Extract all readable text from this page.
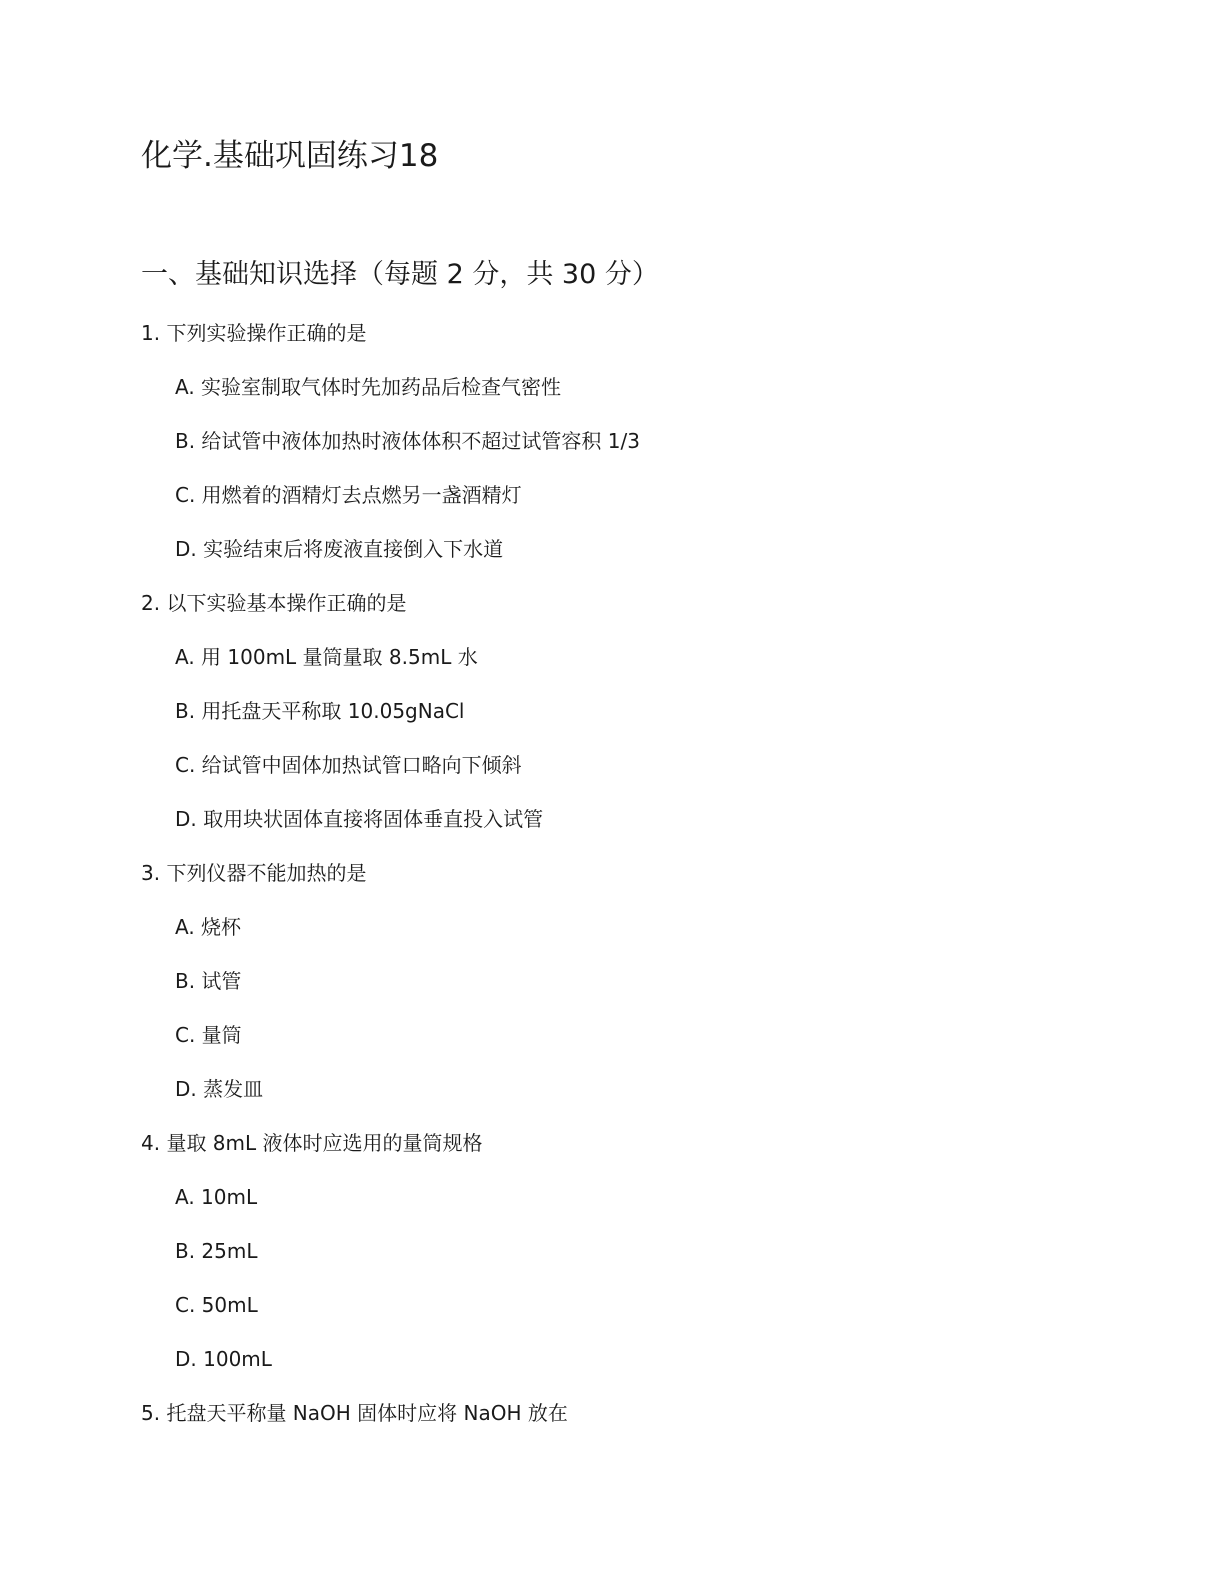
化学.基础巩固练习18
一、基础知识选择（每题 2 分，共 30 分）
1. 下列实验操作正确的是
A. 实验室制取气体时先加药品后检查气密性
B. 给试管中液体加热时液体体积不超过试管容积 1/3
C. 用燃着的酒精灯去点燃另一盏酒精灯
D. 实验结束后将废液直接倒入下水道
2. 以下实验基本操作正确的是
A. 用 100mL 量筒量取 8.5mL 水
B. 用托盘天平称取 10.05gNaCl
C. 给试管中固体加热试管口略向下倾斜
D. 取用块状固体直接将固体垂直投入试管
3. 下列仪器不能加热的是
A. 烧杯
B. 试管
C. 量筒
D. 蒸发皿
4. 量取 8mL 液体时应选用的量筒规格
A. 10mL
B. 25mL
C. 50mL
D. 100mL
5. 托盘天平称量 NaOH 固体时应将 NaOH 放在
